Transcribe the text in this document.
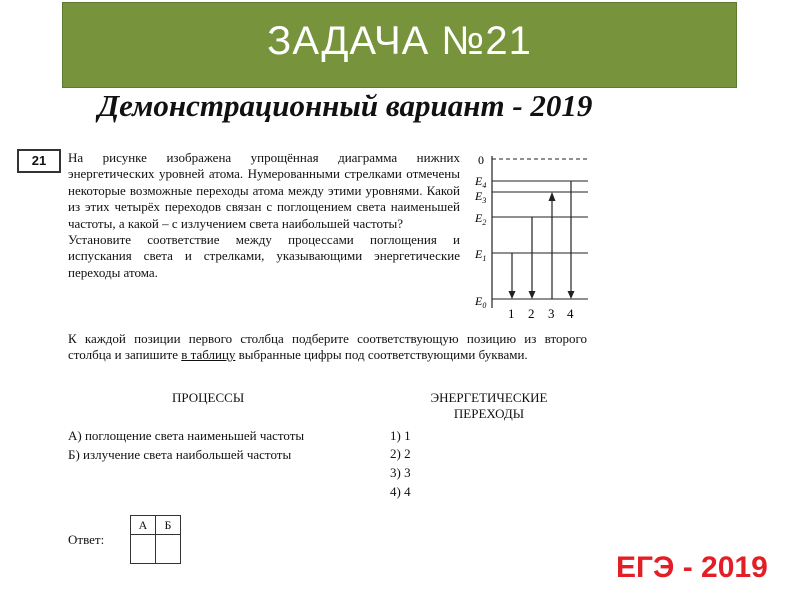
ЗАДАЧА №21
Демонстрационный вариант - 2019
21	На рисунке изображена упрощённая диаграмма нижних энергетических уровней атома. Нумерованными стрелками отмечены некоторые возможные переходы атома между этими уровнями. Какой из этих четырёх переходов связан с поглощением света наименьшей частоты, а какой – с излучением света наибольшей частоты?

Установите соответствие между процессами поглощения и испускания света и стрелками, указывающими энергетические переходы атома.

0
$E_4$
$E_3$
$E_2$
$E_1$
$E_0$
1 2 3 4

К каждой позиции первого столбца подберите соответствующую позицию из второго столбца и запишите в таблицу выбранные цифры под соответствующими буквами.

ПРОЦЕССЫ	ЭНЕРГЕТИЧЕСКИЕ
ПЕРЕХОДЫ
А) поглощение света наименьшей частоты
Б) излучение света наибольшей частоты
1) 1
2) 2
3) 3
4) 4
Ответ:
А	Б

ЕГЭ - 2019
